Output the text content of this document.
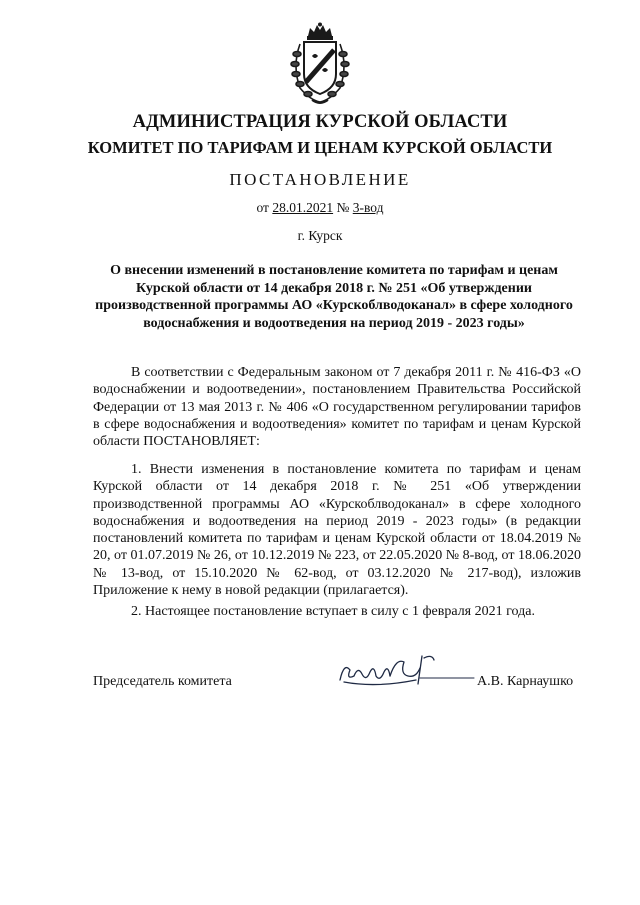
АДМИНИСТРАЦИЯ КУРСКОЙ ОБЛАСТИ
КОМИТЕТ ПО ТАРИФАМ И ЦЕНАМ КУРСКОЙ ОБЛАСТИ
ПОСТАНОВЛЕНИЕ
от 28.01.2021 № 3-вод
г. Курск
О внесении изменений в постановление комитета по тарифам и ценам Курской области от 14 декабря 2018 г. № 251 «Об утверждении производственной программы АО «Курскоблводоканал» в сфере холодного водоснабжения и водоотведения на период 2019 - 2023 годы»

В соответствии с Федеральным законом от 7 декабря 2011 г. № 416-ФЗ «О водоснабжении и водоотведении», постановлением Правительства Российской Федерации от 13 мая 2013 г. № 406 «О государственном регулировании тарифов в сфере водоснабжения и водоотведения» комитет по тарифам и ценам Курской области ПОСТАНОВЛЯЕТ:

1. Внести изменения в постановление комитета по тарифам и ценам Курской области от 14 декабря 2018 г. № 251 «Об утверждении производственной программы АО «Курскоблводоканал» в сфере холодного водоснабжения и водоотведения на период 2019 - 2023 годы» (в редакции постановлений комитета по тарифам и ценам Курской области от 18.04.2019 № 20, от 01.07.2019 № 26, от 10.12.2019 № 223, от 22.05.2020 № 8-вод, от 18.06.2020 № 13-вод, от 15.10.2020 № 62-вод, от 03.12.2020 № 217-вод), изложив Приложение к нему в новой редакции (прилагается).

2. Настоящее постановление вступает в силу с 1 февраля 2021 года.

Председатель комитета	А.В. Карнаушко
